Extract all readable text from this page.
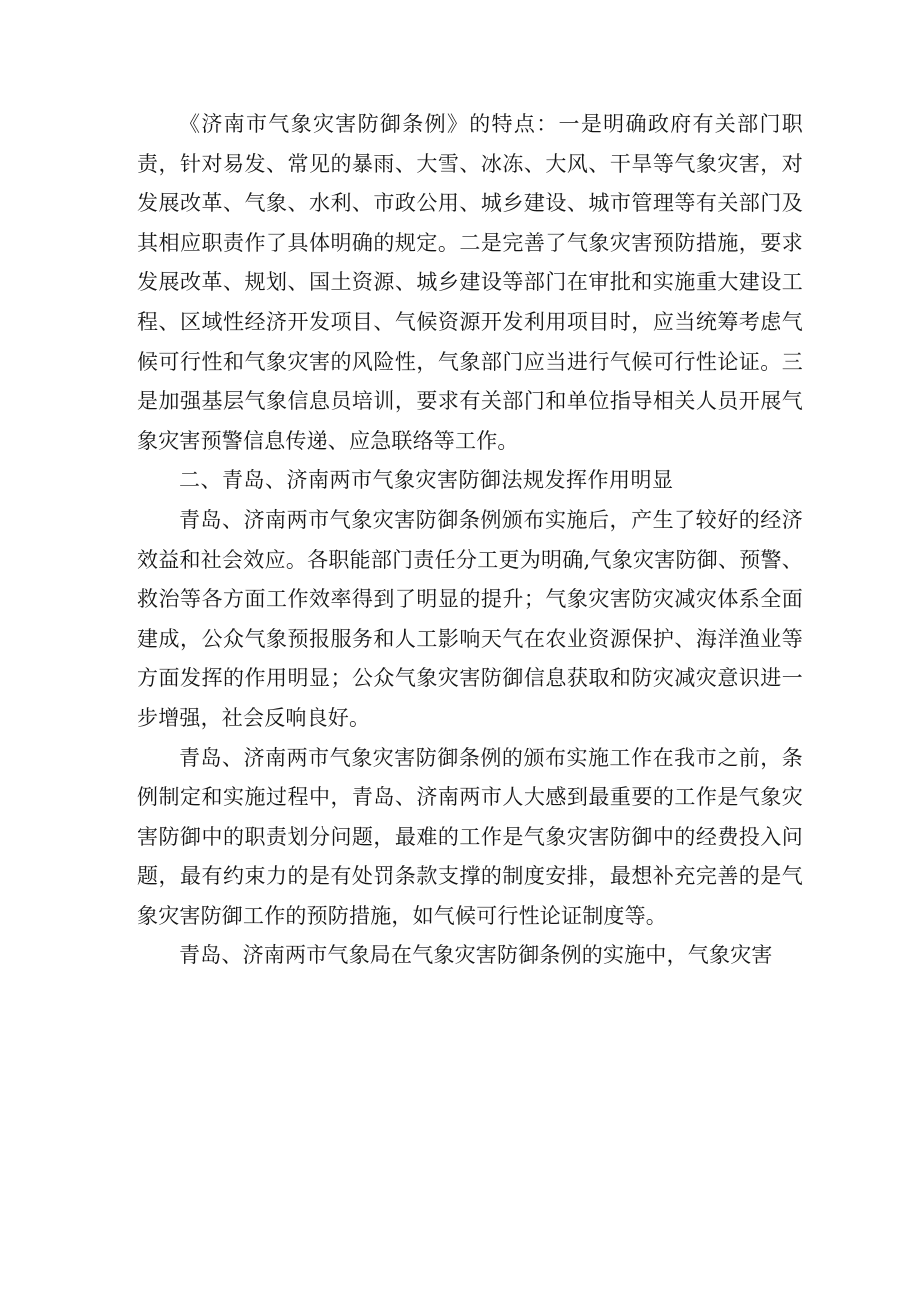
《济南市气象灾害防御条例》的特点：一是明确政府有关部门职责，针对易发、常见的暴雨、大雪、冰冻、大风、干旱等气象灾害，对发展改革、气象、水利、市政公用、城乡建设、城市管理等有关部门及其相应职责作了具体明确的规定。二是完善了气象灾害预防措施，要求发展改革、规划、国土资源、城乡建设等部门在审批和实施重大建设工程、区域性经济开发项目、气候资源开发利用项目时，应当统筹考虑气候可行性和气象灾害的风险性，气象部门应当进行气候可行性论证。三是加强基层气象信息员培训，要求有关部门和单位指导相关人员开展气象灾害预警信息传递、应急联络等工作。

二、青岛、济南两市气象灾害防御法规发挥作用明显

青岛、济南两市气象灾害防御条例颁布实施后，产生了较好的经济效益和社会效应。各职能部门责任分工更为明确,气象灾害防御、预警、救治等各方面工作效率得到了明显的提升；气象灾害防灾减灾体系全面建成，公众气象预报服务和人工影响天气在农业资源保护、海洋渔业等方面发挥的作用明显；公众气象灾害防御信息获取和防灾减灾意识进一步增强，社会反响良好。

青岛、济南两市气象灾害防御条例的颁布实施工作在我市之前，条例制定和实施过程中，青岛、济南两市人大感到最重要的工作是气象灾害防御中的职责划分问题，最难的工作是气象灾害防御中的经费投入问题，最有约束力的是有处罚条款支撑的制度安排，最想补充完善的是气象灾害防御工作的预防措施，如气候可行性论证制度等。

青岛、济南两市气象局在气象灾害防御条例的实施中，气象灾害
